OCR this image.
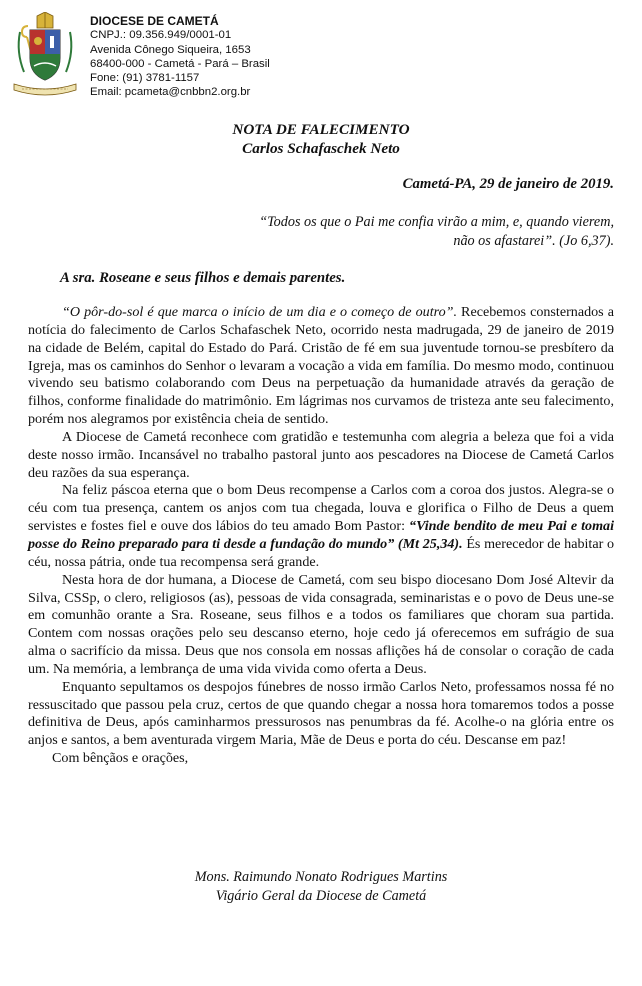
DIOCESE DE CAMETÁ
CNPJ.: 09.356.949/0001-01
Avenida Cônego Siqueira, 1653
68400-000 - Cametá - Pará – Brasil
Fone: (91) 3781-1157
Email: pcameta@cnbbn2.org.br
NOTA DE FALECIMENTO
Carlos Schafaschek Neto
Cametá-PA, 29 de janeiro de 2019.
“Todos os que o Pai me confia virão a mim, e, quando vierem, não os afastarei”. (Jo 6,37).
A sra. Roseane e seus filhos e demais parentes.

“O pôr-do-sol é que marca o início de um dia e o começo de outro”. Recebemos consternados a notícia do falecimento de Carlos Schafaschek Neto, ocorrido nesta madrugada, 29 de janeiro de 2019 na cidade de Belém, capital do Estado do Pará. Cristão de fé em sua juventude tornou-se presbítero da Igreja, mas os caminhos do Senhor o levaram a vocação a vida em família. Do mesmo modo, continuou vivendo seu batismo colaborando com Deus na perpetuação da humanidade através da geração de filhos, conforme finalidade do matrimônio. Em lágrimas nos curvamos de tristeza ante seu falecimento, porém nos alegramos por existência cheia de sentido.

A Diocese de Cametá reconhece com gratidão e testemunha com alegria a beleza que foi a vida deste nosso irmão. Incansável no trabalho pastoral junto aos pescadores na Diocese de Cametá Carlos deu razões da sua esperança.

Na feliz páscoa eterna que o bom Deus recompense a Carlos com a coroa dos justos. Alegra-se o céu com tua presença, cantem os anjos com tua chegada, louva e glorifica o Filho de Deus a quem servistes e fostes fiel e ouve dos lábios do teu amado Bom Pastor: “Vinde bendito de meu Pai e tomai posse do Reino preparado para ti desde a fundação do mundo” (Mt 25,34). És merecedor de habitar o céu, nossa pátria, onde tua recompensa será grande.

Nesta hora de dor humana, a Diocese de Cametá, com seu bispo diocesano Dom José Altevir da Silva, CSSp, o clero, religiosos (as), pessoas de vida consagrada, seminaristas e o povo de Deus une-se em comunhão orante a Sra. Roseane, seus filhos e a todos os familiares que choram sua partida. Contem com nossas orações pelo seu descanso eterno, hoje cedo já oferecemos em sufrágio de sua alma o sacrifício da missa. Deus que nos consola em nossas aflições há de consolar o coração de cada um. Na memória, a lembrança de uma vida vivida como oferta a Deus.

Enquanto sepultamos os despojos fúnebres de nosso irmão Carlos Neto, professamos nossa fé no ressuscitado que passou pela cruz, certos de que quando chegar a nossa hora tomaremos todos a posse definitiva de Deus, após caminharmos pressurosos nas penumbras da fé. Acolhe-o na glória entre os anjos e santos, a bem aventurada virgem Maria, Mãe de Deus e porta do céu. Descanse em paz!

Com bênçãos e orações,

Mons. Raimundo Nonato Rodrigues Martins
Vigário Geral da Diocese de Cametá
